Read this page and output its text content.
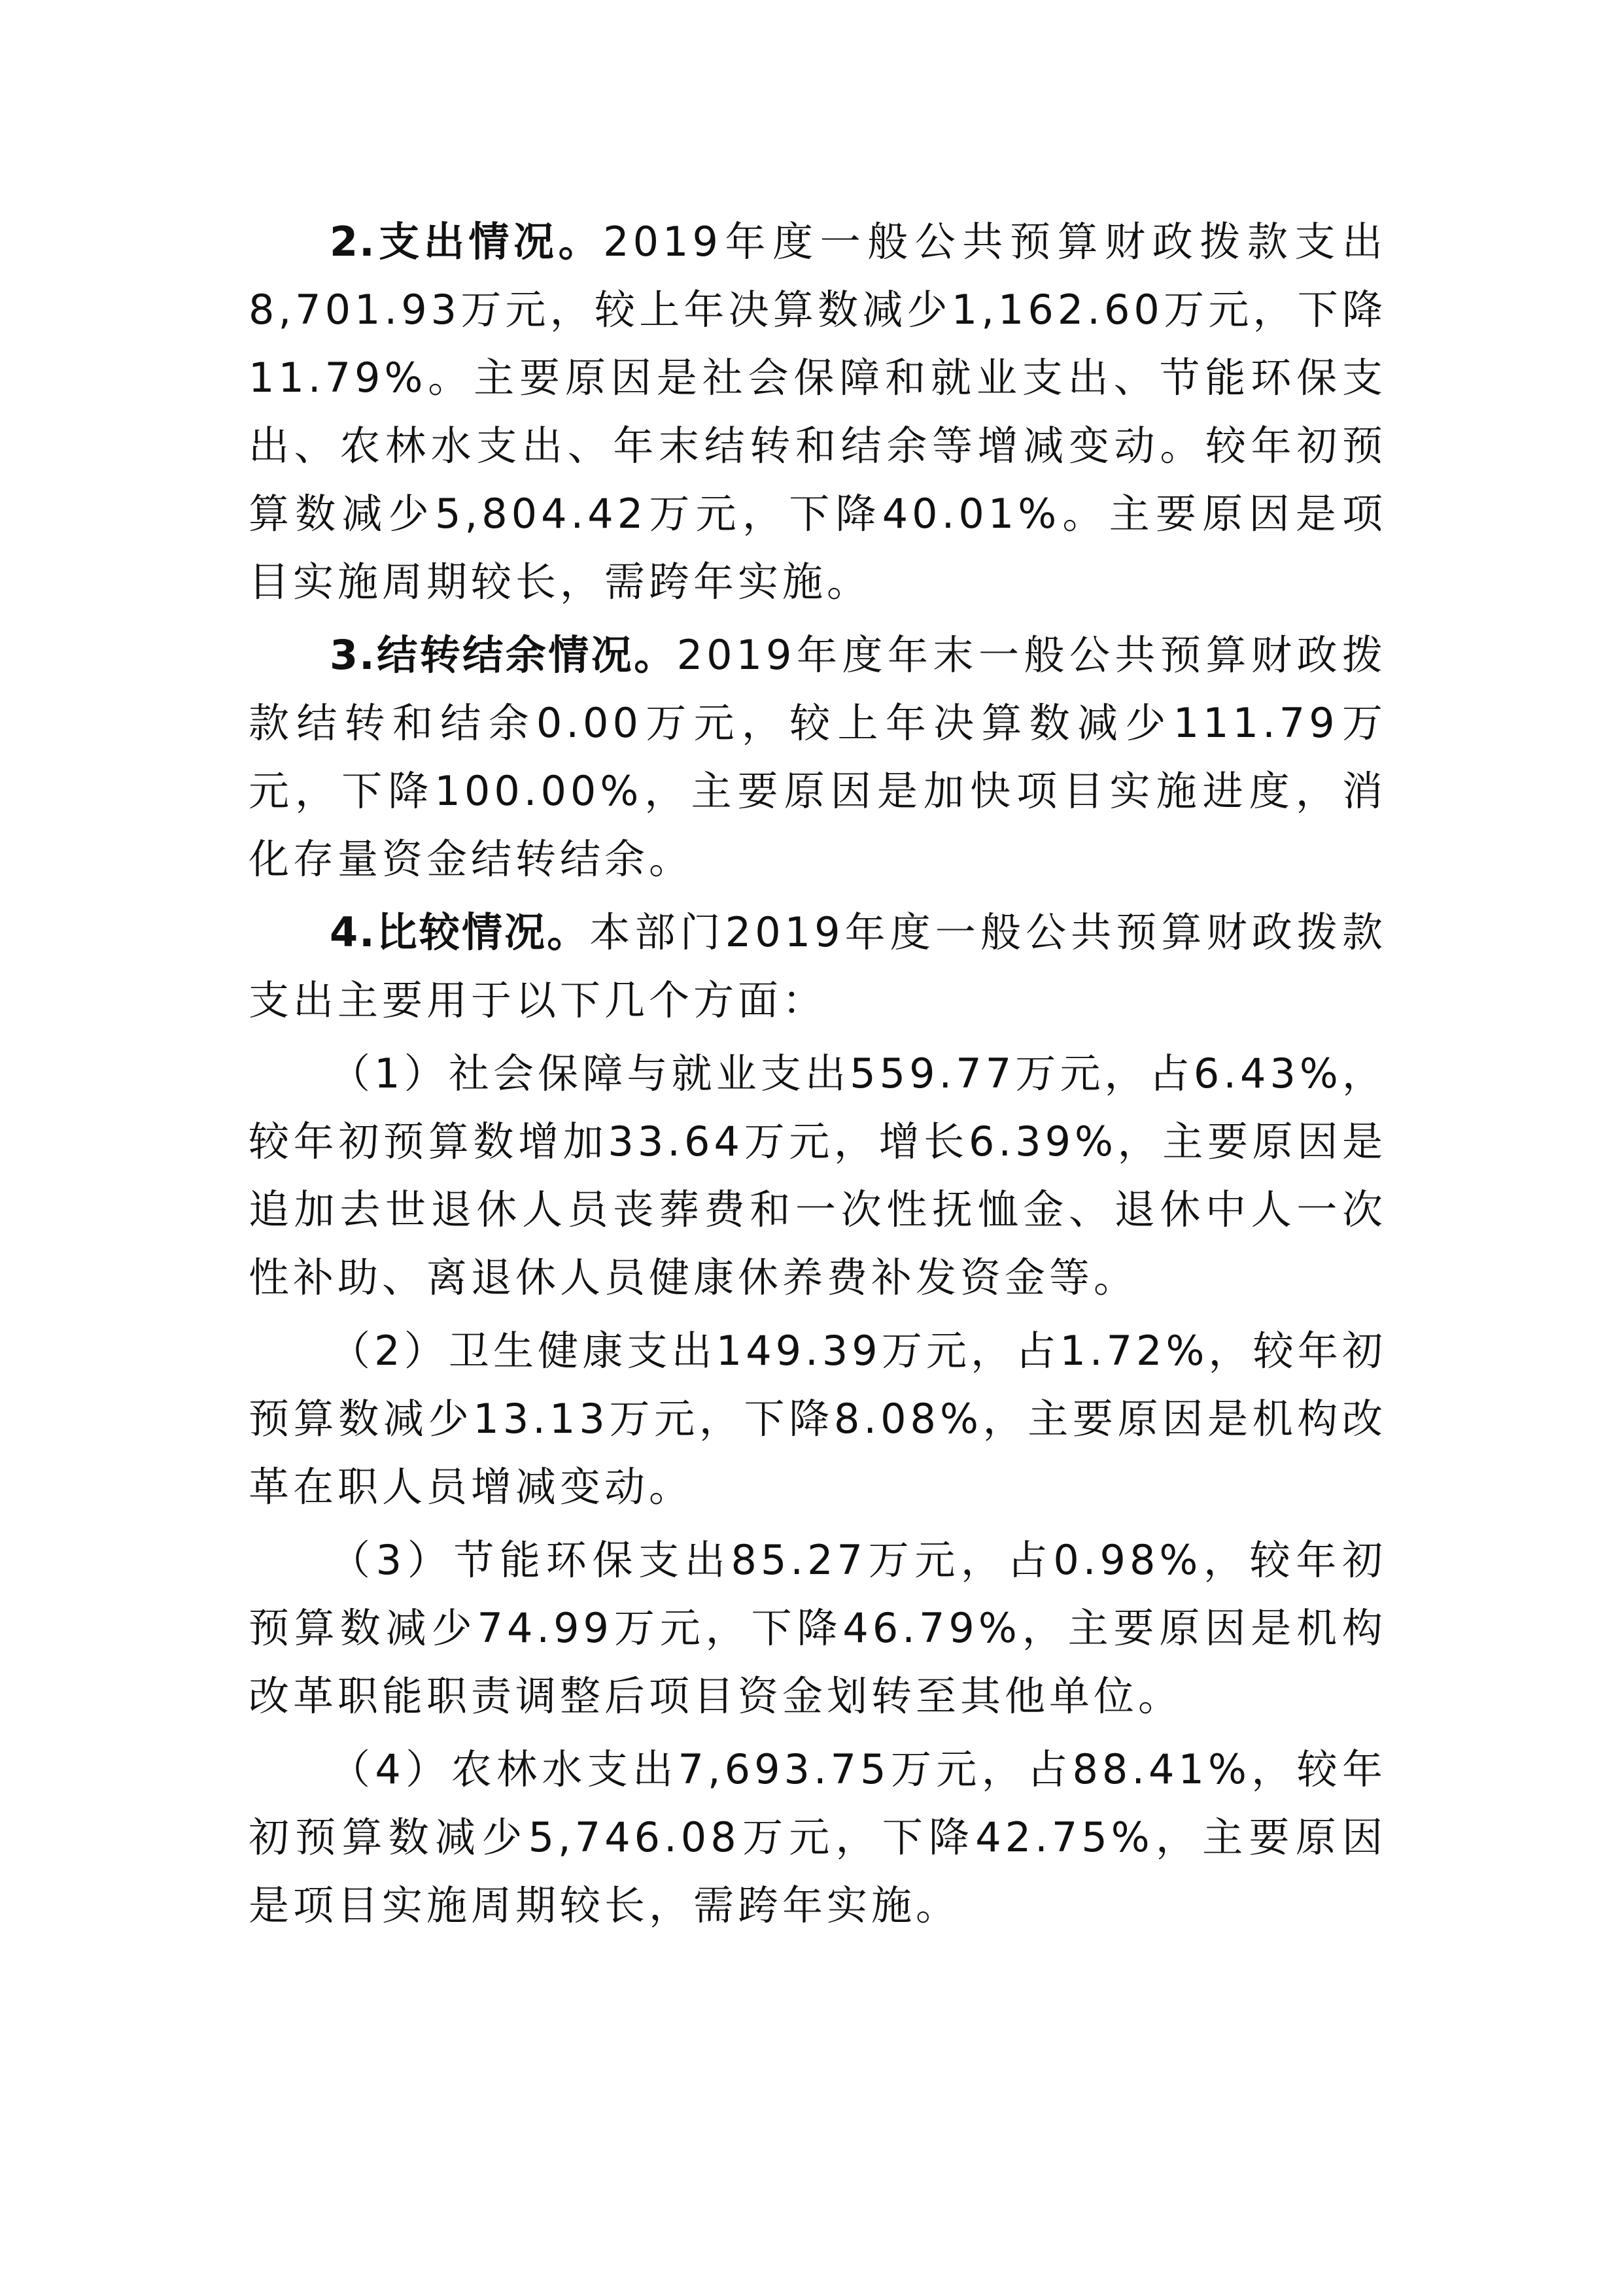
2.支出情况。2019年度一般公共预算财政拨款支出8,701.93万元，较上年决算数减少1,162.60万元，下降11.79%。主要原因是社会保障和就业支出、节能环保支出、农林水支出、年末结转和结余等增减变动。较年初预算数减少5,804.42万元，下降40.01%。主要原因是项目实施周期较长，需跨年实施。

3.结转结余情况。2019年度年末一般公共预算财政拨款结转和结余0.00万元，较上年决算数减少111.79万元，下降100.00%，主要原因是加快项目实施进度，消化存量资金结转结余。

4.比较情况。本部门2019年度一般公共预算财政拨款支出主要用于以下几个方面：

（1）社会保障与就业支出559.77万元，占6.43%，较年初预算数增加33.64万元，增长6.39%，主要原因是追加去世退休人员丧葬费和一次性抚恤金、退休中人一次性补助、离退休人员健康休养费补发资金等。

（2）卫生健康支出149.39万元，占1.72%，较年初预算数减少13.13万元，下降8.08%，主要原因是机构改革在职人员增减变动。

（3）节能环保支出85.27万元，占0.98%，较年初预算数减少74.99万元，下降46.79%，主要原因是机构改革职能职责调整后项目资金划转至其他单位。

（4）农林水支出7,693.75万元，占88.41%，较年初预算数减少5,746.08万元，下降42.75%，主要原因是项目实施周期较长，需跨年实施。
